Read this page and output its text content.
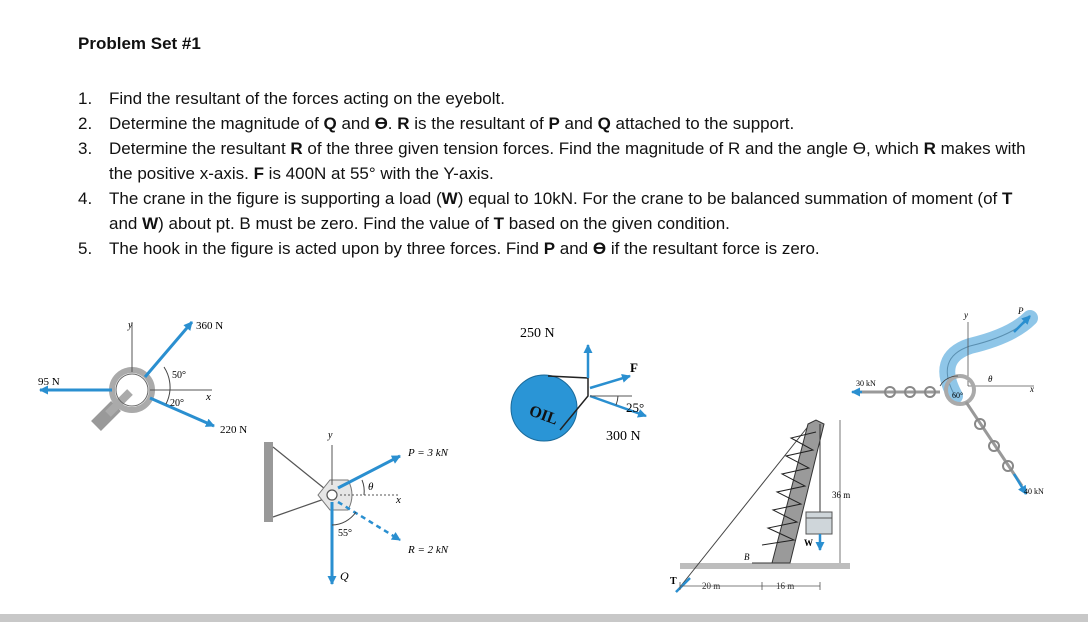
Problem Set #1
1. Find the resultant of the forces acting on the eyebolt.
2. Determine the magnitude of Q and ϴ. R is the resultant of P and Q attached to the support.
3. Determine the resultant R of the three given tension forces. Find the magnitude of R and the angle ϴ, which R makes with the positive x-axis. F is 400N at 55° with the Y-axis.
4. The crane in the figure is supporting a load (W) equal to 10kN. For the crane to be balanced summation of moment (of T and W) about pt. B must be zero. Find the value of T based on the given condition.
5. The hook in the figure is acted upon by three forces. Find P and ϴ if the resultant force is zero.
y
x
360 N
95 N
220 N
50°
20°
y
x
P = 3 kN
R = 2 kN
Q
θ
55°
OIL
250 N
F
25°
300 N
T
B
W
36 m
20 m	16 m
y
x
P
θ
60°
30 kN
40 kN
